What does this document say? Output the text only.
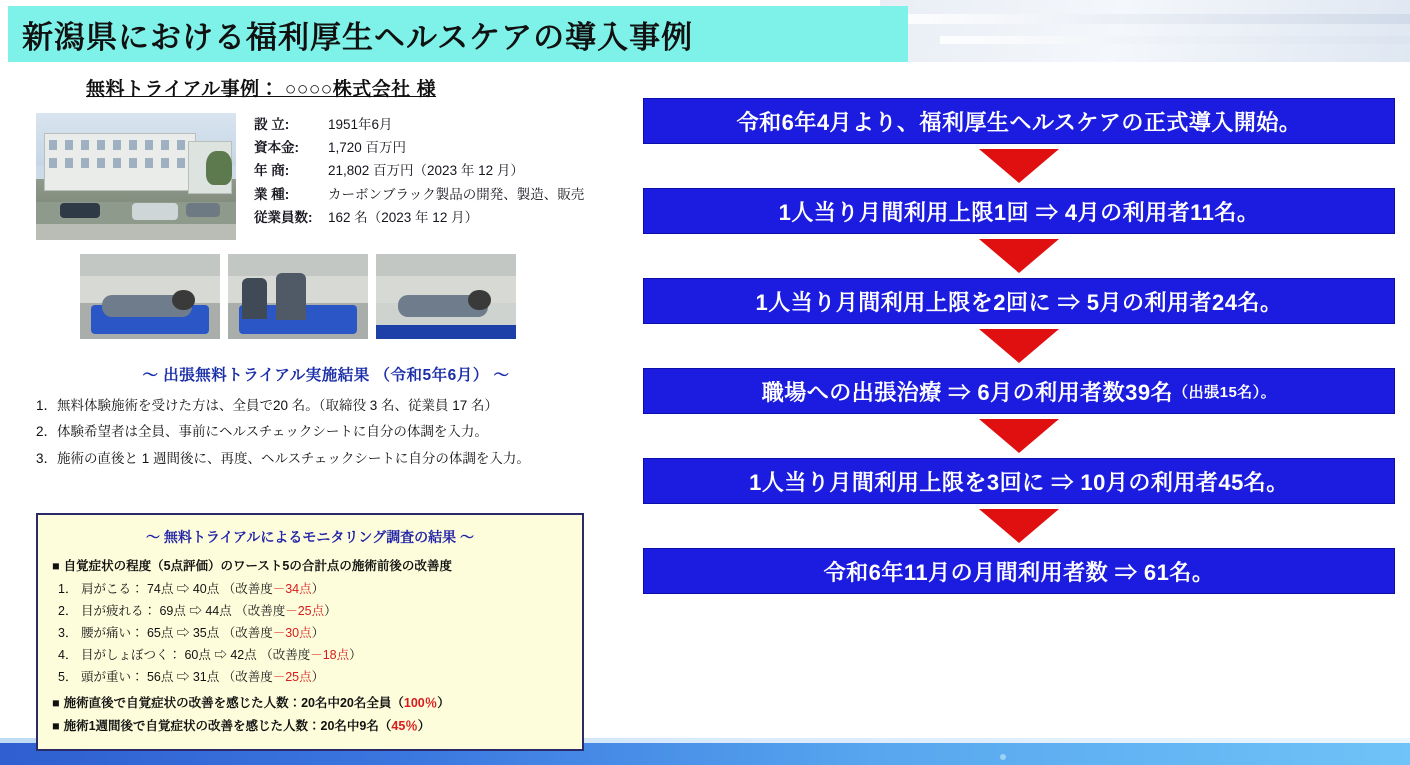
新潟県における福利厚生ヘルスケアの導入事例
無料トライアル事例： ○○○○株式会社 様
設 立:	1951年6月
資本金:	1,720 百万円
年 商:	21,802 百万円（2023 年 12 月）
業 種:	カーボンブラック製品の開発、製造、販売
従業員数:	162 名（2023 年 12 月）
～ 出張無料トライアル実施結果 （令和5年6月） ～
1．無料体験施術を受けた方は、全員で20 名。（取締役 3 名、従業員 17 名）
2．体験希望者は全員、事前にヘルスチェックシートに自分の体調を入力。
3．施術の直後と 1 週間後に、再度、ヘルスチェックシートに自分の体調を入力。
～ 無料トライアルによるモニタリング調査の結果 ～
■ 自覚症状の程度（5点評価）のワースト5の合計点の施術前後の改善度
1． 肩がこる： 74点 ⇨ 40点 （改善度－34点）
2． 目が疲れる： 69点 ⇨ 44点 （改善度－25点）
3． 腰が痛い： 65点 ⇨ 35点 （改善度－30点）
4． 目がしょぼつく： 60点 ⇨ 42点 （改善度－18点）
5． 頭が重い： 56点 ⇨ 31点 （改善度－25点）
■ 施術直後で自覚症状の改善を感じた人数：20名中20名全員（100％）
■ 施術1週間後で自覚症状の改善を感じた人数：20名中9名（45％）
令和6年4月より、福利厚生ヘルスケアの正式導入開始。
1人当り月間利用上限1回 ⇒ 4月の利用者11名。
1人当り月間利用上限を2回に ⇒ 5月の利用者24名。
職場への出張治療 ⇒ 6月の利用者数39名 （出張15名）。
1人当り月間利用上限を3回に ⇒ 10月の利用者45名。
令和6年11月の月間利用者数 ⇒ 61名。
